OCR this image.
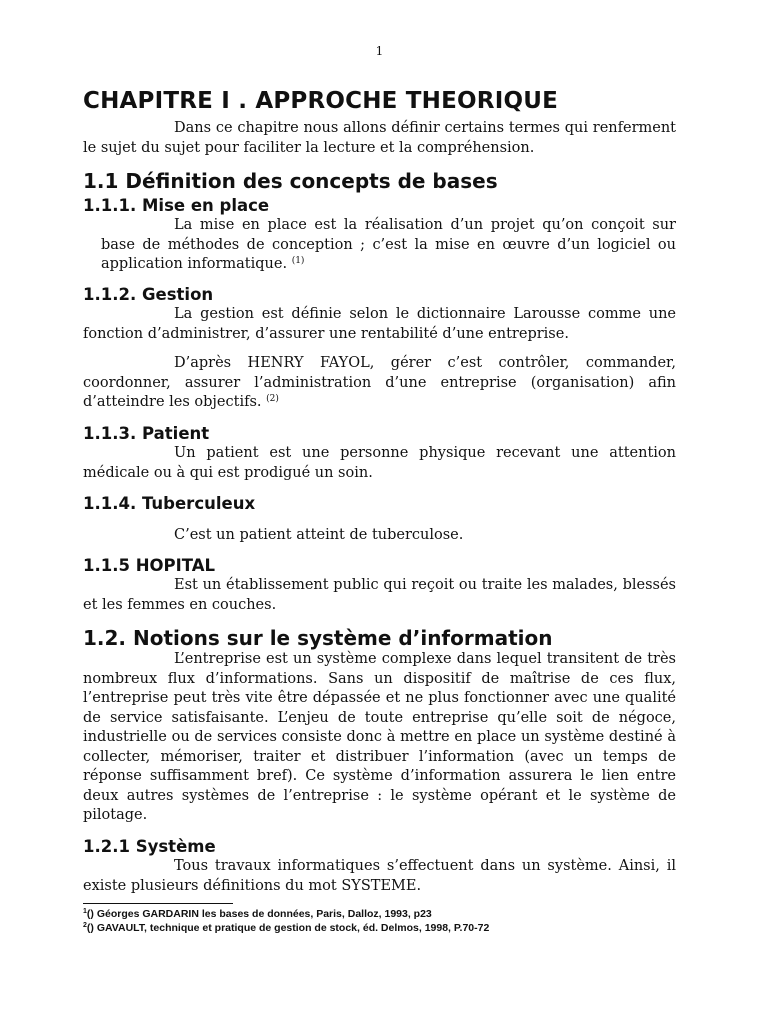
1
CHAPITRE I . APPROCHE THEORIQUE

Dans ce chapitre nous allons définir certains termes qui renferment le sujet du sujet pour faciliter la lecture et la compréhension.

1.1 Définition des concepts de bases
1.1.1. Mise en place

La mise en place est la réalisation d’un projet qu’on conçoit sur base de méthodes de conception ; c’est la mise en œuvre d’un logiciel ou application informatique. $^{(1)}$

1.1.2. Gestion

La gestion est définie selon le dictionnaire Larousse comme une fonction d’administrer, d’assurer une rentabilité d’une entreprise.

D’après HENRY FAYOL, gérer c’est contrôler, commander, coordonner, assurer l’administration d’une entreprise (organisation) afin d’atteindre les objectifs. $^{(2)}$

1.1.3. Patient

Un patient est une personne physique recevant une attention médicale ou à qui est prodigué un soin.

1.1.4. Tuberculeux

C’est un patient atteint de tuberculose.

1.1.5 HOPITAL

Est un établissement public qui reçoit ou traite les malades, blessés et les femmes en couches.

1.2. Notions sur le système d’information

L’entreprise est un système complexe dans lequel transitent de très nombreux flux d’informations. Sans un dispositif de maîtrise de ces flux, l’entreprise peut très vite être dépassée et ne plus fonctionner avec une qualité de service satisfaisante. L’enjeu de toute entreprise qu’elle soit de négoce, industrielle ou de services consiste donc à mettre en place un système destiné à collecter, mémoriser, traiter et distribuer l’information (avec un temps de réponse suffisamment bref). Ce système d’information assurera le lien entre deux autres systèmes de l’entreprise : le système opérant et le système de pilotage.

1.2.1 Système

Tous travaux informatiques s’effectuent dans un système. Ainsi, il existe plusieurs définitions du mot SYSTEME.

$^1$() Géorges GARDARIN les bases de données, Paris, Dalloz, 1993, p23
$^2$() GAVAULT, technique et pratique de gestion de stock, éd. Delmos, 1998, P.70-72
